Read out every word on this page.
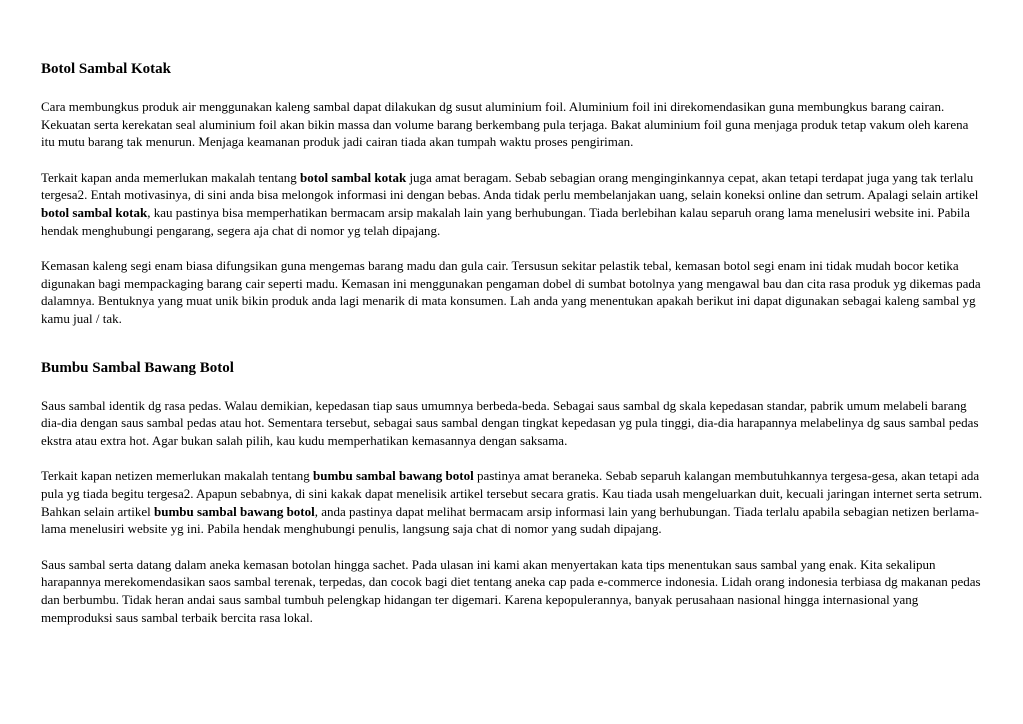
Botol Sambal Kotak

Cara membungkus produk air menggunakan kaleng sambal dapat dilakukan dg susut aluminium foil. Aluminium foil ini direkomendasikan guna membungkus barang cairan. Kekuatan serta kerekatan seal aluminium foil akan bikin massa dan volume barang berkembang pula terjaga. Bakat aluminium foil guna menjaga produk tetap vakum oleh karena itu mutu barang tak menurun. Menjaga keamanan produk jadi cairan tiada akan tumpah waktu proses pengiriman.

Terkait kapan anda memerlukan makalah tentang botol sambal kotak juga amat beragam. Sebab sebagian orang menginginkannya cepat, akan tetapi terdapat juga yang tak terlalu tergesa2. Entah motivasinya, di sini anda bisa melongok informasi ini dengan bebas. Anda tidak perlu membelanjakan uang, selain koneksi online dan setrum. Apalagi selain artikel botol sambal kotak, kau pastinya bisa memperhatikan bermacam arsip makalah lain yang berhubungan. Tiada berlebihan kalau separuh orang lama menelusiri website ini. Pabila hendak menghubungi pengarang, segera aja chat di nomor yg telah dipajang.

Kemasan kaleng segi enam biasa difungsikan guna mengemas barang madu dan gula cair. Tersusun sekitar pelastik tebal, kemasan botol segi enam ini tidak mudah bocor ketika digunakan bagi mempackaging barang cair seperti madu. Kemasan ini menggunakan pengaman dobel di sumbat botolnya yang mengawal bau dan cita rasa produk yg dikemas pada dalamnya. Bentuknya yang muat unik bikin produk anda lagi menarik di mata konsumen. Lah anda yang menentukan apakah berikut ini dapat digunakan sebagai kaleng sambal yg kamu jual / tak.

Bumbu Sambal Bawang Botol

Saus sambal identik dg rasa pedas. Walau demikian, kepedasan tiap saus umumnya berbeda-beda. Sebagai saus sambal dg skala kepedasan standar, pabrik umum melabeli barang dia-dia dengan saus sambal pedas atau hot. Sementara tersebut, sebagai saus sambal dengan tingkat kepedasan yg pula tinggi, dia-dia harapannya melabelinya dg saus sambal pedas ekstra atau extra hot. Agar bukan salah pilih, kau kudu memperhatikan kemasannya dengan saksama.

Terkait kapan netizen memerlukan makalah tentang bumbu sambal bawang botol pastinya amat beraneka. Sebab separuh kalangan membutuhkannya tergesa-gesa, akan tetapi ada pula yg tiada begitu tergesa2. Apapun sebabnya, di sini kakak dapat menelisik artikel tersebut secara gratis. Kau tiada usah mengeluarkan duit, kecuali jaringan internet serta setrum. Bahkan selain artikel bumbu sambal bawang botol, anda pastinya dapat melihat bermacam arsip informasi lain yang berhubungan. Tiada terlalu apabila sebagian netizen berlama-lama menelusiri website yg ini. Pabila hendak menghubungi penulis, langsung saja chat di nomor yang sudah dipajang.

Saus sambal serta datang dalam aneka kemasan botolan hingga sachet. Pada ulasan ini kami akan menyertakan kata tips menentukan saus sambal yang enak. Kita sekalipun harapannya merekomendasikan saos sambal terenak, terpedas, dan cocok bagi diet tentang aneka cap pada e-commerce indonesia. Lidah orang indonesia terbiasa dg makanan pedas dan berbumbu. Tidak heran andai saus sambal tumbuh pelengkap hidangan ter digemari. Karena kepopulerannya, banyak perusahaan nasional hingga internasional yang memproduksi saus sambal terbaik bercita rasa lokal.
